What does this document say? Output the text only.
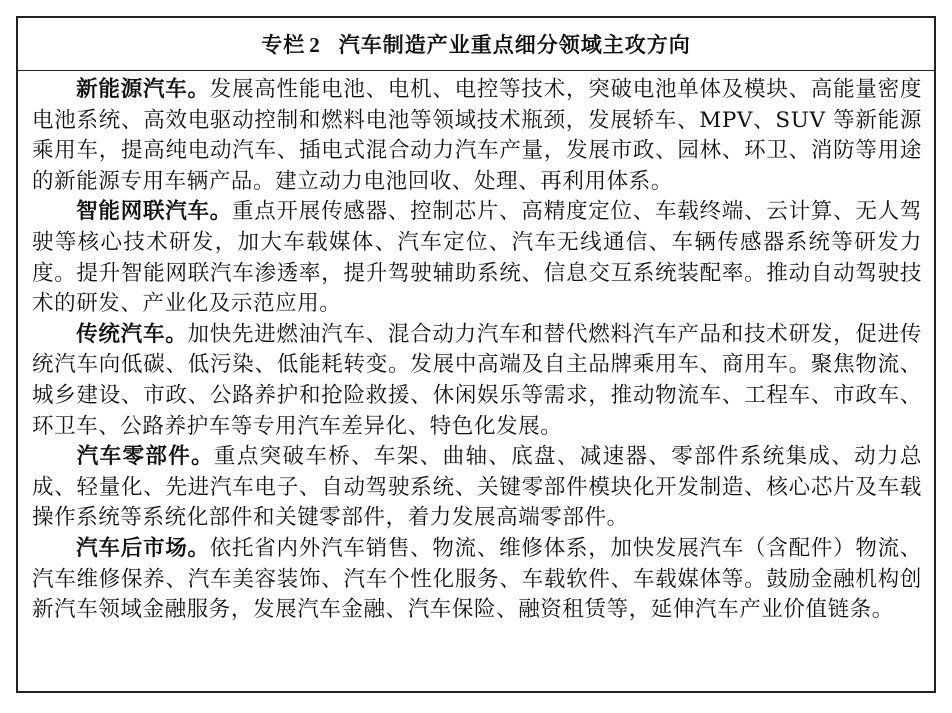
专栏 2 汽车制造产业重点细分领域主攻方向

新能源汽车。发展高性能电池、电机、电控等技术，突破电池单体及模块、高能量密度电池系统、高效电驱动控制和燃料电池等领域技术瓶颈，发展轿车、MPV、SUV 等新能源乘用车，提高纯电动汽车、插电式混合动力汽车产量，发展市政、园林、环卫、消防等用途的新能源专用车辆产品。建立动力电池回收、处理、再利用体系。

智能网联汽车。重点开展传感器、控制芯片、高精度定位、车载终端、云计算、无人驾驶等核心技术研发，加大车载媒体、汽车定位、汽车无线通信、车辆传感器系统等研发力度。提升智能网联汽车渗透率，提升驾驶辅助系统、信息交互系统装配率。推动自动驾驶技术的研发、产业化及示范应用。

传统汽车。加快先进燃油汽车、混合动力汽车和替代燃料汽车产品和技术研发，促进传统汽车向低碳、低污染、低能耗转变。发展中高端及自主品牌乘用车、商用车。聚焦物流、城乡建设、市政、公路养护和抢险救援、休闲娱乐等需求，推动物流车、工程车、市政车、环卫车、公路养护车等专用汽车差异化、特色化发展。

汽车零部件。重点突破车桥、车架、曲轴、底盘、减速器、零部件系统集成、动力总成、轻量化、先进汽车电子、自动驾驶系统、关键零部件模块化开发制造、核心芯片及车载操作系统等系统化部件和关键零部件，着力发展高端零部件。

汽车后市场。依托省内外汽车销售、物流、维修体系，加快发展汽车（含配件）物流、汽车维修保养、汽车美容装饰、汽车个性化服务、车载软件、车载媒体等。鼓励金融机构创新汽车领域金融服务，发展汽车金融、汽车保险、融资租赁等，延伸汽车产业价值链条。
